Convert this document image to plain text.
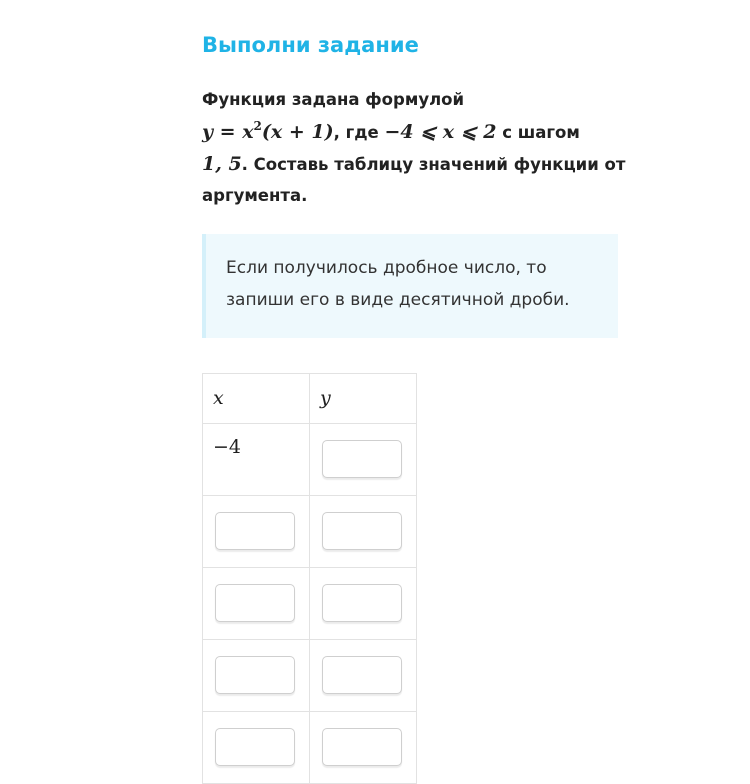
Выполни задание
Функция задана формулой
$y = x^2(x + 1)$, где −4 ⩽ x ⩽ 2 с шагом
1, 5. Составь таблицу значений функции от
аргумента.
Если получилось дробное число, то
запиши его в виде десятичной дроби.
x	y

−4
